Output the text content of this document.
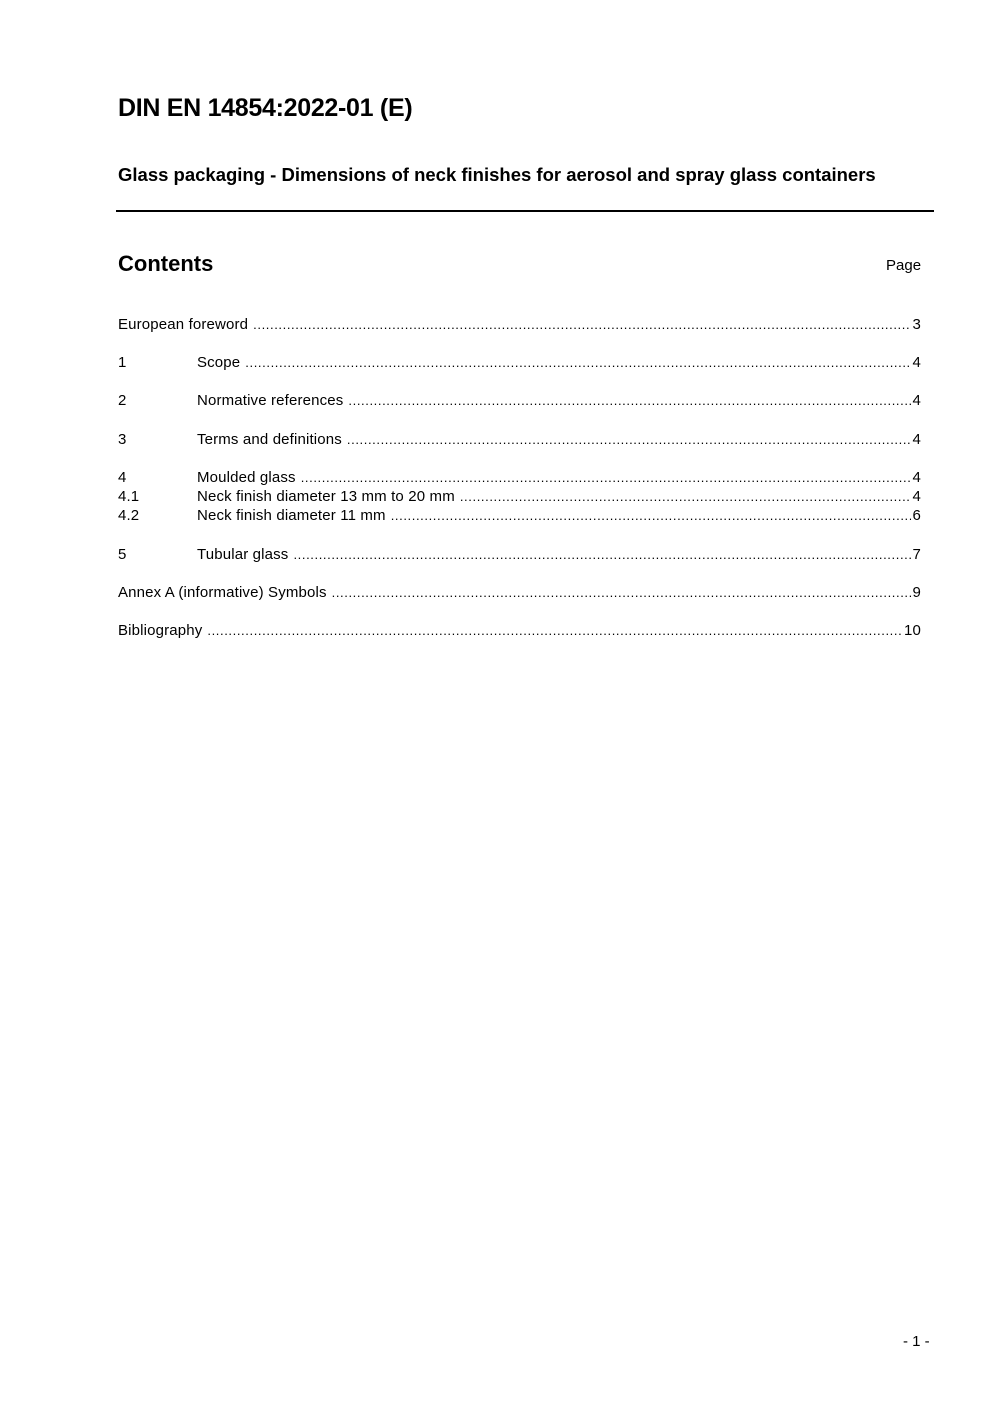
DIN EN 14854:2022-01 (E)
Glass packaging - Dimensions of neck finishes for aerosol and spray glass containers
Contents	Page
European foreword .....	3
1	Scope .....	4
2	Normative references .....	4
3	Terms and definitions .....	4
4	Moulded glass .....	4
4.1	Neck finish diameter 13 mm to 20 mm .....	4
4.2	Neck finish diameter 11 mm .....	6
5	Tubular glass .....	7
Annex A (informative) Symbols .....	9
Bibliography .....	10
- 1 -
